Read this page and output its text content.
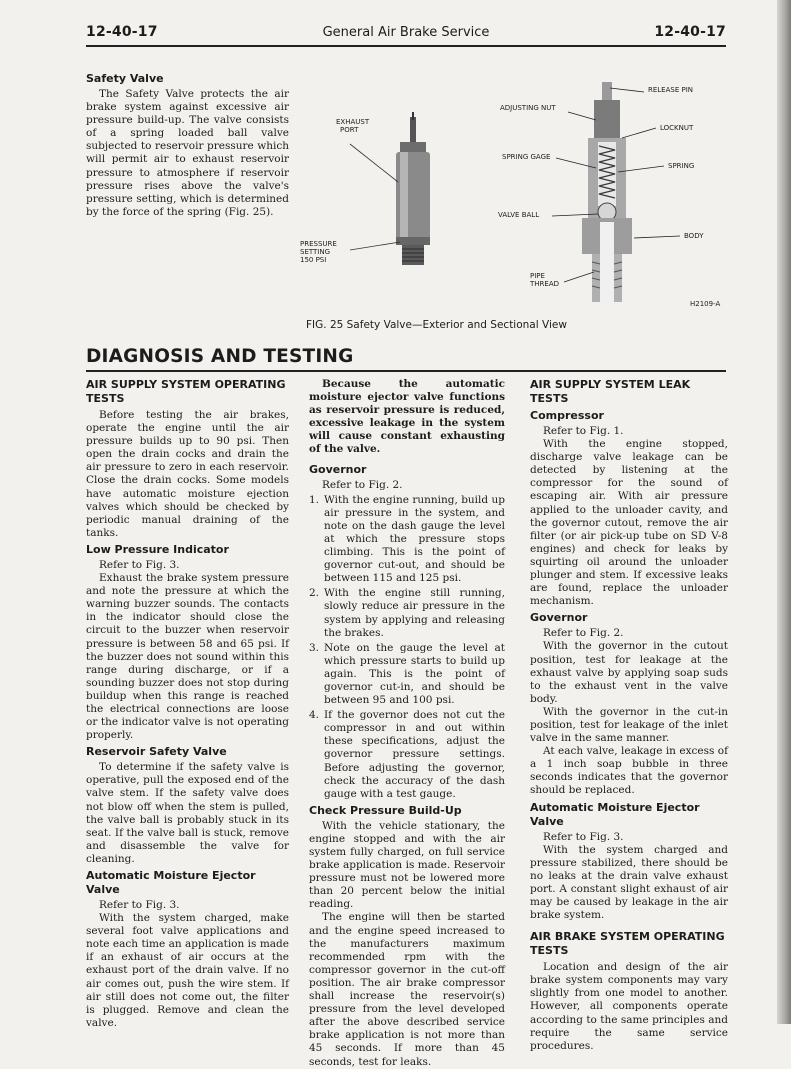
12-40-17	General Air Brake Service	12-40-17
Safety Valve

The Safety Valve protects the air brake system against excessive air pressure build-up. The valve consists of a spring loaded ball valve subjected to reservoir pressure which will permit air to exhaust reservoir pressure to atmosphere if reservoir pressure rises above the valve's pressure setting, which is determined by the force of the spring (Fig. 25).

EXHAUST
PORT
PRESSURE
SETTING
150 PSI
ADJUSTING NUT
SPRING GAGE
VALVE BALL
PIPE
THREAD
RELEASE PIN
LOCKNUT
SPRING
BODY
H2109-A
FIG. 25 Safety Valve—Exterior and Sectional View
DIAGNOSIS AND TESTING
AIR SUPPLY SYSTEM OPERATING TESTS

Before testing the air brakes, operate the engine until the air pressure builds up to 90 psi. Then open the drain cocks and drain the air pressure to zero in each reservoir. Close the drain cocks. Some models have automatic moisture ejection valves which should be checked by periodic manual draining of the tanks.

Low Pressure Indicator

Refer to Fig. 3.

Exhaust the brake system pressure and note the pressure at which the warning buzzer sounds. The contacts in the indicator should close the circuit to the buzzer when reservoir pressure is between 58 and 65 psi. If the buzzer does not sound within this range during discharge, or if a sounding buzzer does not stop during buildup when this range is reached the electrical connections are loose or the indicator valve is not operating properly.

Reservoir Safety Valve

To determine if the safety valve is operative, pull the exposed end of the valve stem. If the safety valve does not blow off when the stem is pulled, the valve ball is probably stuck in its seat. If the valve ball is stuck, remove and disassemble the valve for cleaning.

Automatic Moisture Ejector Valve

Refer to Fig. 3.

With the system charged, make several foot valve applications and note each time an application is made if an exhaust of air occurs at the exhaust port of the drain valve. If no air comes out, push the wire stem. If air still does not come out, the filter is plugged. Remove and clean the valve.

Because the automatic moisture ejector valve functions as reservoir pressure is reduced, excessive leakage in the system will cause constant exhausting of the valve.

Governor

Refer to Fig. 2.

1. With the engine running, build up air pressure in the system, and note on the dash gauge the level at which the pressure stops climbing. This is the point of governor cut-out, and should be between 115 and 125 psi.
2. With the engine still running, slowly reduce air pressure in the system by applying and releasing the brakes.
3. Note on the gauge the level at which pressure starts to build up again. This is the point of governor cut-in, and should be between 95 and 100 psi.
4. If the governor does not cut the compressor in and out within these specifications, adjust the governor pressure settings. Before adjusting the governor, check the accuracy of the dash gauge with a test gauge.
Check Pressure Build-Up

With the vehicle stationary, the engine stopped and with the air system fully charged, on full service brake application is made. Reservoir pressure must not be lowered more than 20 percent below the initial reading.

The engine will then be started and the engine speed increased to the manufacturers maximum recommended rpm with the compressor governor in the cut-off position. The air brake compressor shall increase the reservoir(s) pressure from the level developed after the above described service brake application is not more than 45 seconds. If more than 45 seconds, test for leaks.

AIR SUPPLY SYSTEM LEAK TESTS
Compressor

Refer to Fig. 1.

With the engine stopped, discharge valve leakage can be detected by listening at the compressor for the sound of escaping air. With air pressure applied to the unloader cavity, and the governor cutout, remove the air filter (or air pick-up tube on SD V-8 engines) and check for leaks by squirting oil around the unloader plunger and stem. If excessive leaks are found, replace the unloader mechanism.

Governor

Refer to Fig. 2.

With the governor in the cutout position, test for leakage at the exhaust valve by applying soap suds to the exhaust vent in the valve body.

With the governor in the cut-in position, test for leakage of the inlet valve in the same manner.

At each valve, leakage in excess of a 1 inch soap bubble in three seconds indicates that the governor should be replaced.

Automatic Moisture Ejector Valve

Refer to Fig. 3.

With the system charged and pressure stabilized, there should be no leaks at the drain valve exhaust port. A constant slight exhaust of air may be caused by leakage in the air brake system.

AIR BRAKE SYSTEM OPERATING TESTS

Location and design of the air brake system components may vary slightly from one model to another. However, all components operate according to the same principles and require the same service procedures.
